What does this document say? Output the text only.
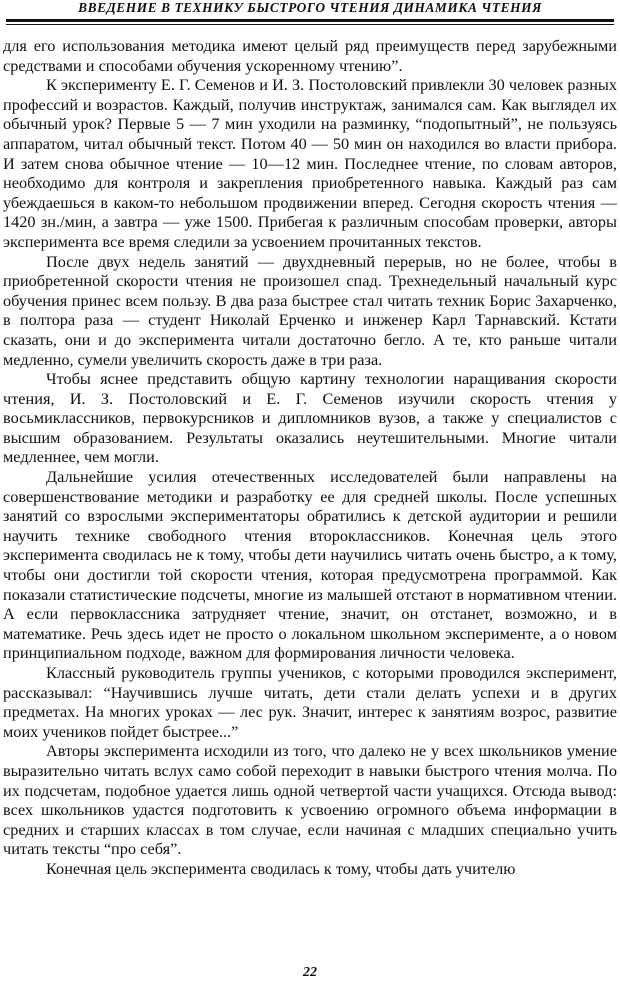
ВВЕДЕНИЕ В ТЕХНИКУ БЫСТРОГО ЧТЕНИЯ ДИНАМИКА ЧТЕНИЯ

для его использования методика имеют целый ряд преимуществ перед зарубежными средствами и способами обучения ускоренному чтению”.

К эксперименту Е. Г. Семенов и И. З. Постоловский привлекли 30 человек разных профессий и возрастов. Каждый, получив инструктаж, занимался сам. Как выглядел их обычный урок? Первые 5 — 7 мин уходили на разминку, “подопытный”, не пользуясь аппаратом, читал обычный текст. Потом 40 — 50 мин он находился во власти прибора. И затем снова обычное чтение — 10—12 мин. Последнее чтение, по словам авторов, необходимо для контроля и закрепления приобретенного навыка. Каждый раз сам убеждаешься в каком-то небольшом продвижении вперед. Сегодня скорость чтения — 1420 зн./мин, а завтра — уже 1500. Прибегая к различным способам проверки, авторы эксперимента все время следили за усвоением прочитанных текстов.

После двух недель занятий — двухдневный перерыв, но не более, чтобы в приобретенной скорости чтения не произошел спад. Трехнедельный начальный курс обучения принес всем пользу. В два раза быстрее стал читать техник Борис Захарченко, в полтора раза — студент Николай Ерченко и инженер Карл Тарнавский. Кстати сказать, они и до эксперимента читали достаточно бегло. А те, кто раньше читали медленно, сумели увеличить скорость даже в три раза.

Чтобы яснее представить общую картину технологии наращивания скорости чтения, И. З. Постоловский и Е. Г. Семенов изучили скорость чтения у восьмиклассников, первокурсников и дипломников вузов, а также у специалистов с высшим образованием. Результаты оказались неутешительными. Многие читали медленнее, чем могли.

Дальнейшие усилия отечественных исследователей были направлены на совершенствование методики и разработку ее для средней школы. После успешных занятий со взрослыми экспериментаторы обратились к детской аудитории и решили научить технике свободного чтения второклассников. Конечная цель этого эксперимента сводилась не к тому, чтобы дети научились читать очень быстро, а к тому, чтобы они достигли той скорости чтения, которая предусмотрена программой. Как показали статистические подсчеты, многие из малышей отстают в нормативном чтении. А если первоклассника затрудняет чтение, значит, он отстанет, возможно, и в математике. Речь здесь идет не просто о локальном школьном эксперименте, а о новом принципиальном подходе, важном для формирования личности человека.

Классный руководитель группы учеников, с которыми проводился эксперимент, рассказывал: “Научившись лучше читать, дети стали делать успехи и в других предметах. На многих уроках — лес рук. Значит, интерес к занятиям возрос, развитие моих учеников пойдет быстрее...”

Авторы эксперимента исходили из того, что далеко не у всех школьников умение выразительно читать вслух само собой переходит в навыки быстрого чтения молча. По их подсчетам, подобное удается лишь одной четвертой части учащихся. Отсюда вывод: всех школьников удастся подготовить к усвоению огромного объема информации в средних и старших классах в том случае, если начиная с младших специально учить читать тексты “про себя”.

Конечная цель эксперимента сводилась к тому, чтобы дать учителю

22
